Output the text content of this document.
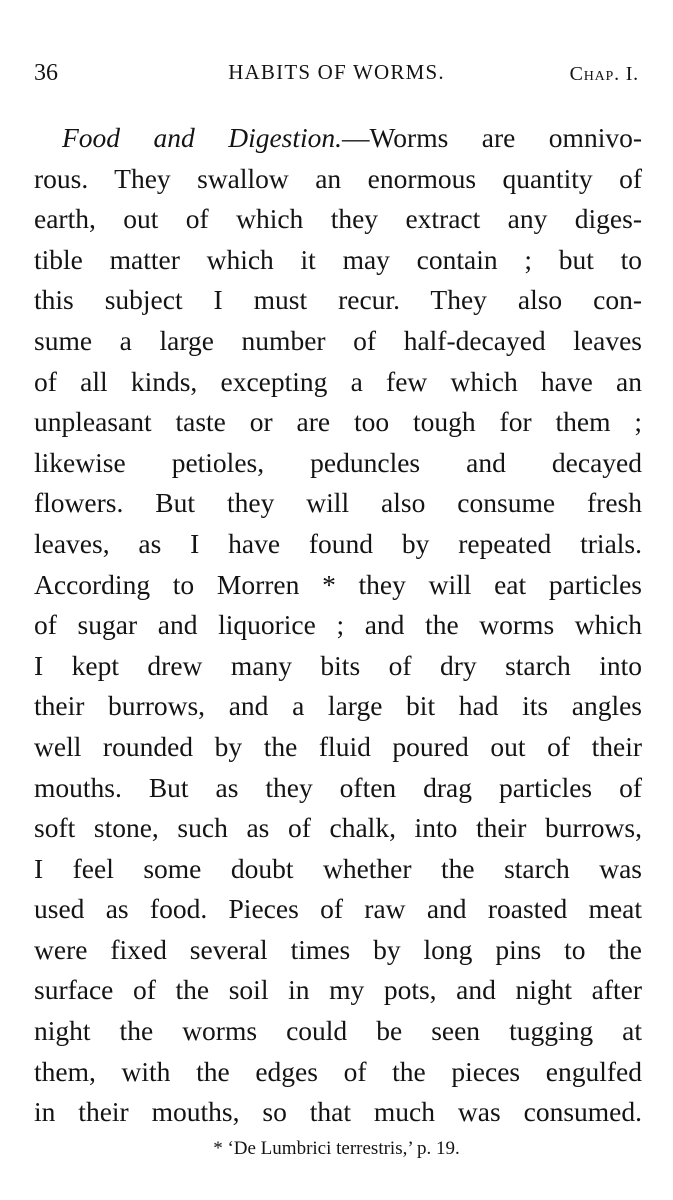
36	HABITS OF WORMS.	Chap. I.
Food and Digestion.—Worms are omnivo-
rous. They swallow an enormous quantity of
earth, out of which they extract any diges-
tible matter which it may contain ; but to
this subject I must recur. They also con-
sume a large number of half-decayed leaves
of all kinds, excepting a few which have an
unpleasant taste or are too tough for them ;
likewise petioles, peduncles and decayed
flowers. But they will also consume fresh
leaves, as I have found by repeated trials.
According to Morren * they will eat particles
of sugar and liquorice ; and the worms which
I kept drew many bits of dry starch into
their burrows, and a large bit had its angles
well rounded by the fluid poured out of their
mouths. But as they often drag particles of
soft stone, such as of chalk, into their burrows,
I feel some doubt whether the starch was
used as food. Pieces of raw and roasted meat
were fixed several times by long pins to the
surface of the soil in my pots, and night after
night the worms could be seen tugging at
them, with the edges of the pieces engulfed
in their mouths, so that much was consumed.
* ‘De Lumbrici terrestris,’ p. 19.
